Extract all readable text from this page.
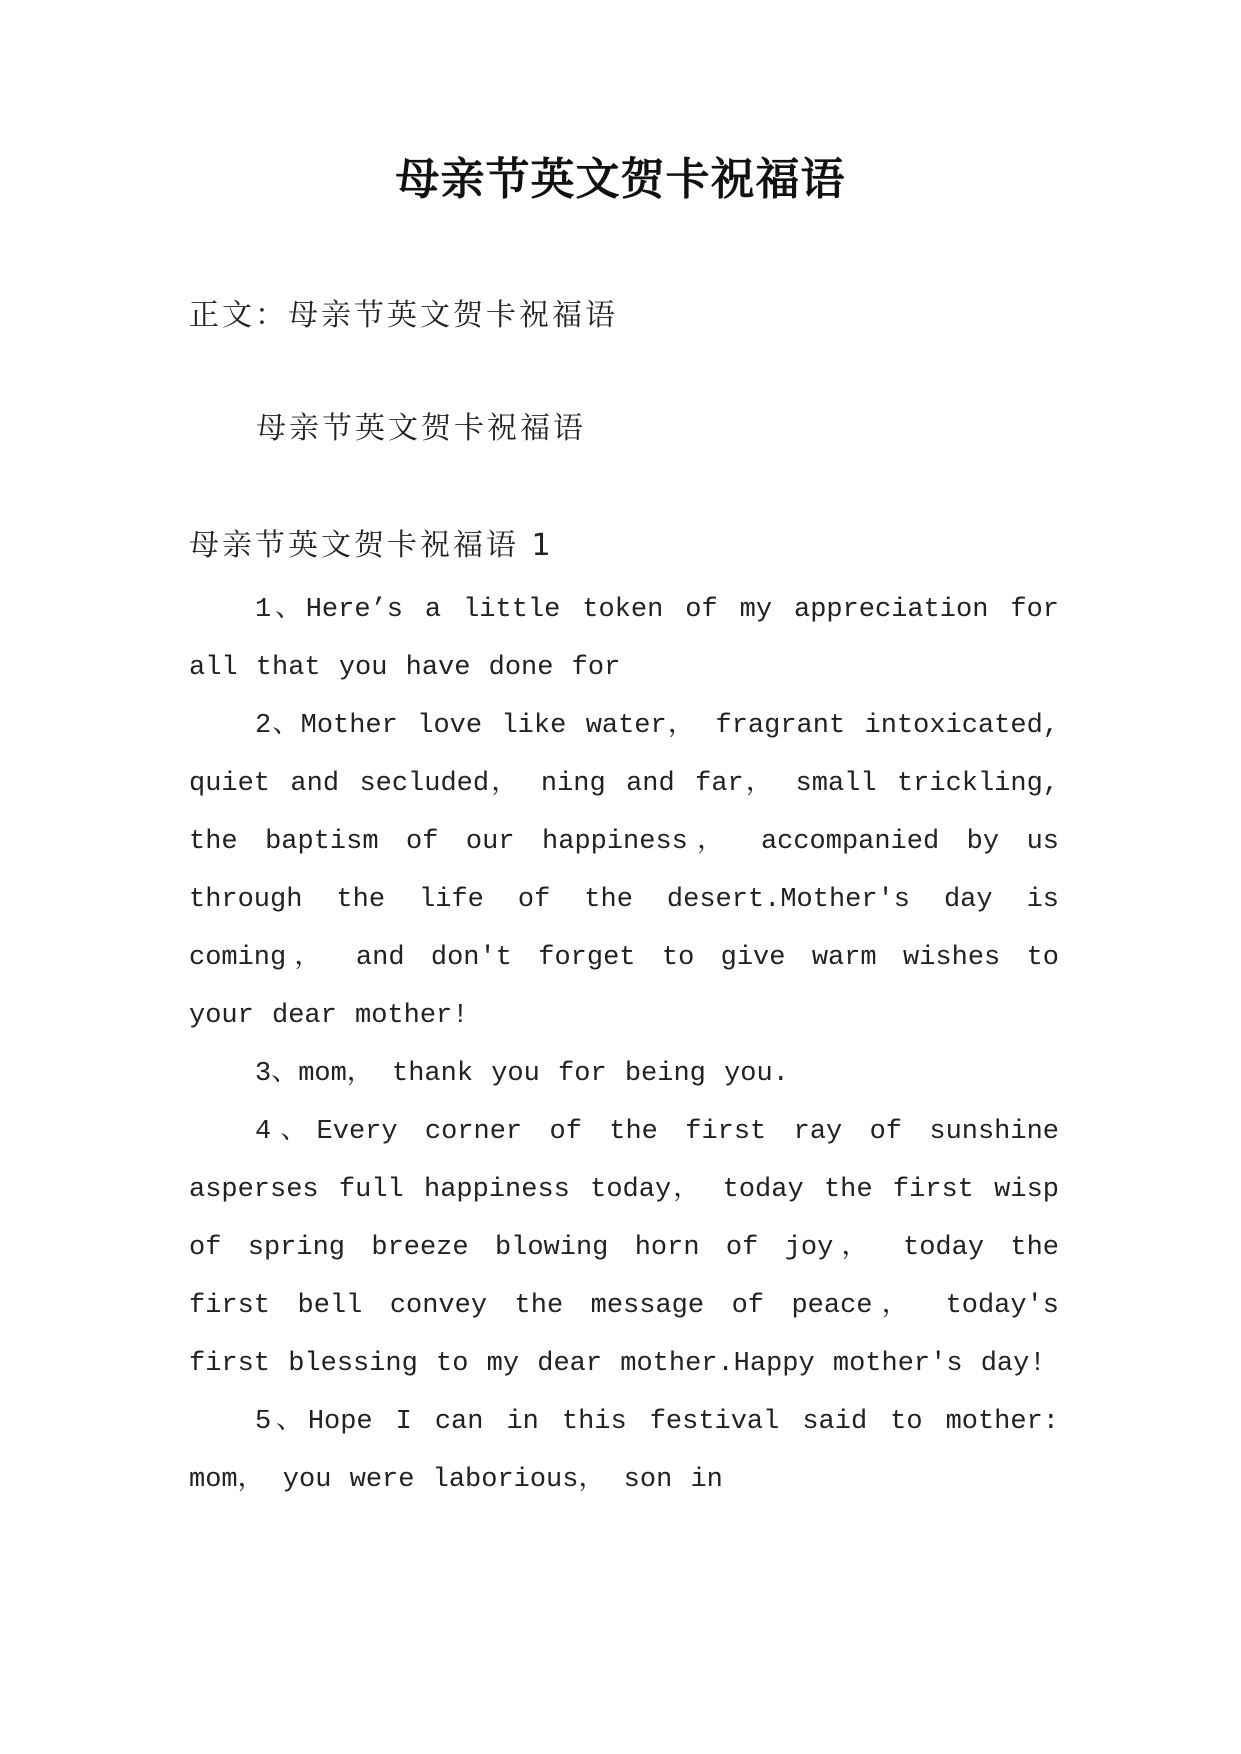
母亲节英文贺卡祝福语
正文：母亲节英文贺卡祝福语
母亲节英文贺卡祝福语
母亲节英文贺卡祝福语 1

1、Here’s a little token of my appreciation for all that you have done for

2、Mother love like water， fragrant intoxicated, quiet and secluded， ning and far， small trickling, the baptism of our happiness， accompanied by us through the life of the desert.Mother's day is coming， and don't forget to give warm wishes to your dear mother!

3、mom， thank you for being you.

4、Every corner of the first ray of sunshine asperses full happiness today， today the first wisp of spring breeze blowing horn of joy， today the first bell convey the message of peace， today's first blessing to my dear mother.Happy mother's day!

5、Hope I can in this festival said to mother: mom， you were laborious， son in
